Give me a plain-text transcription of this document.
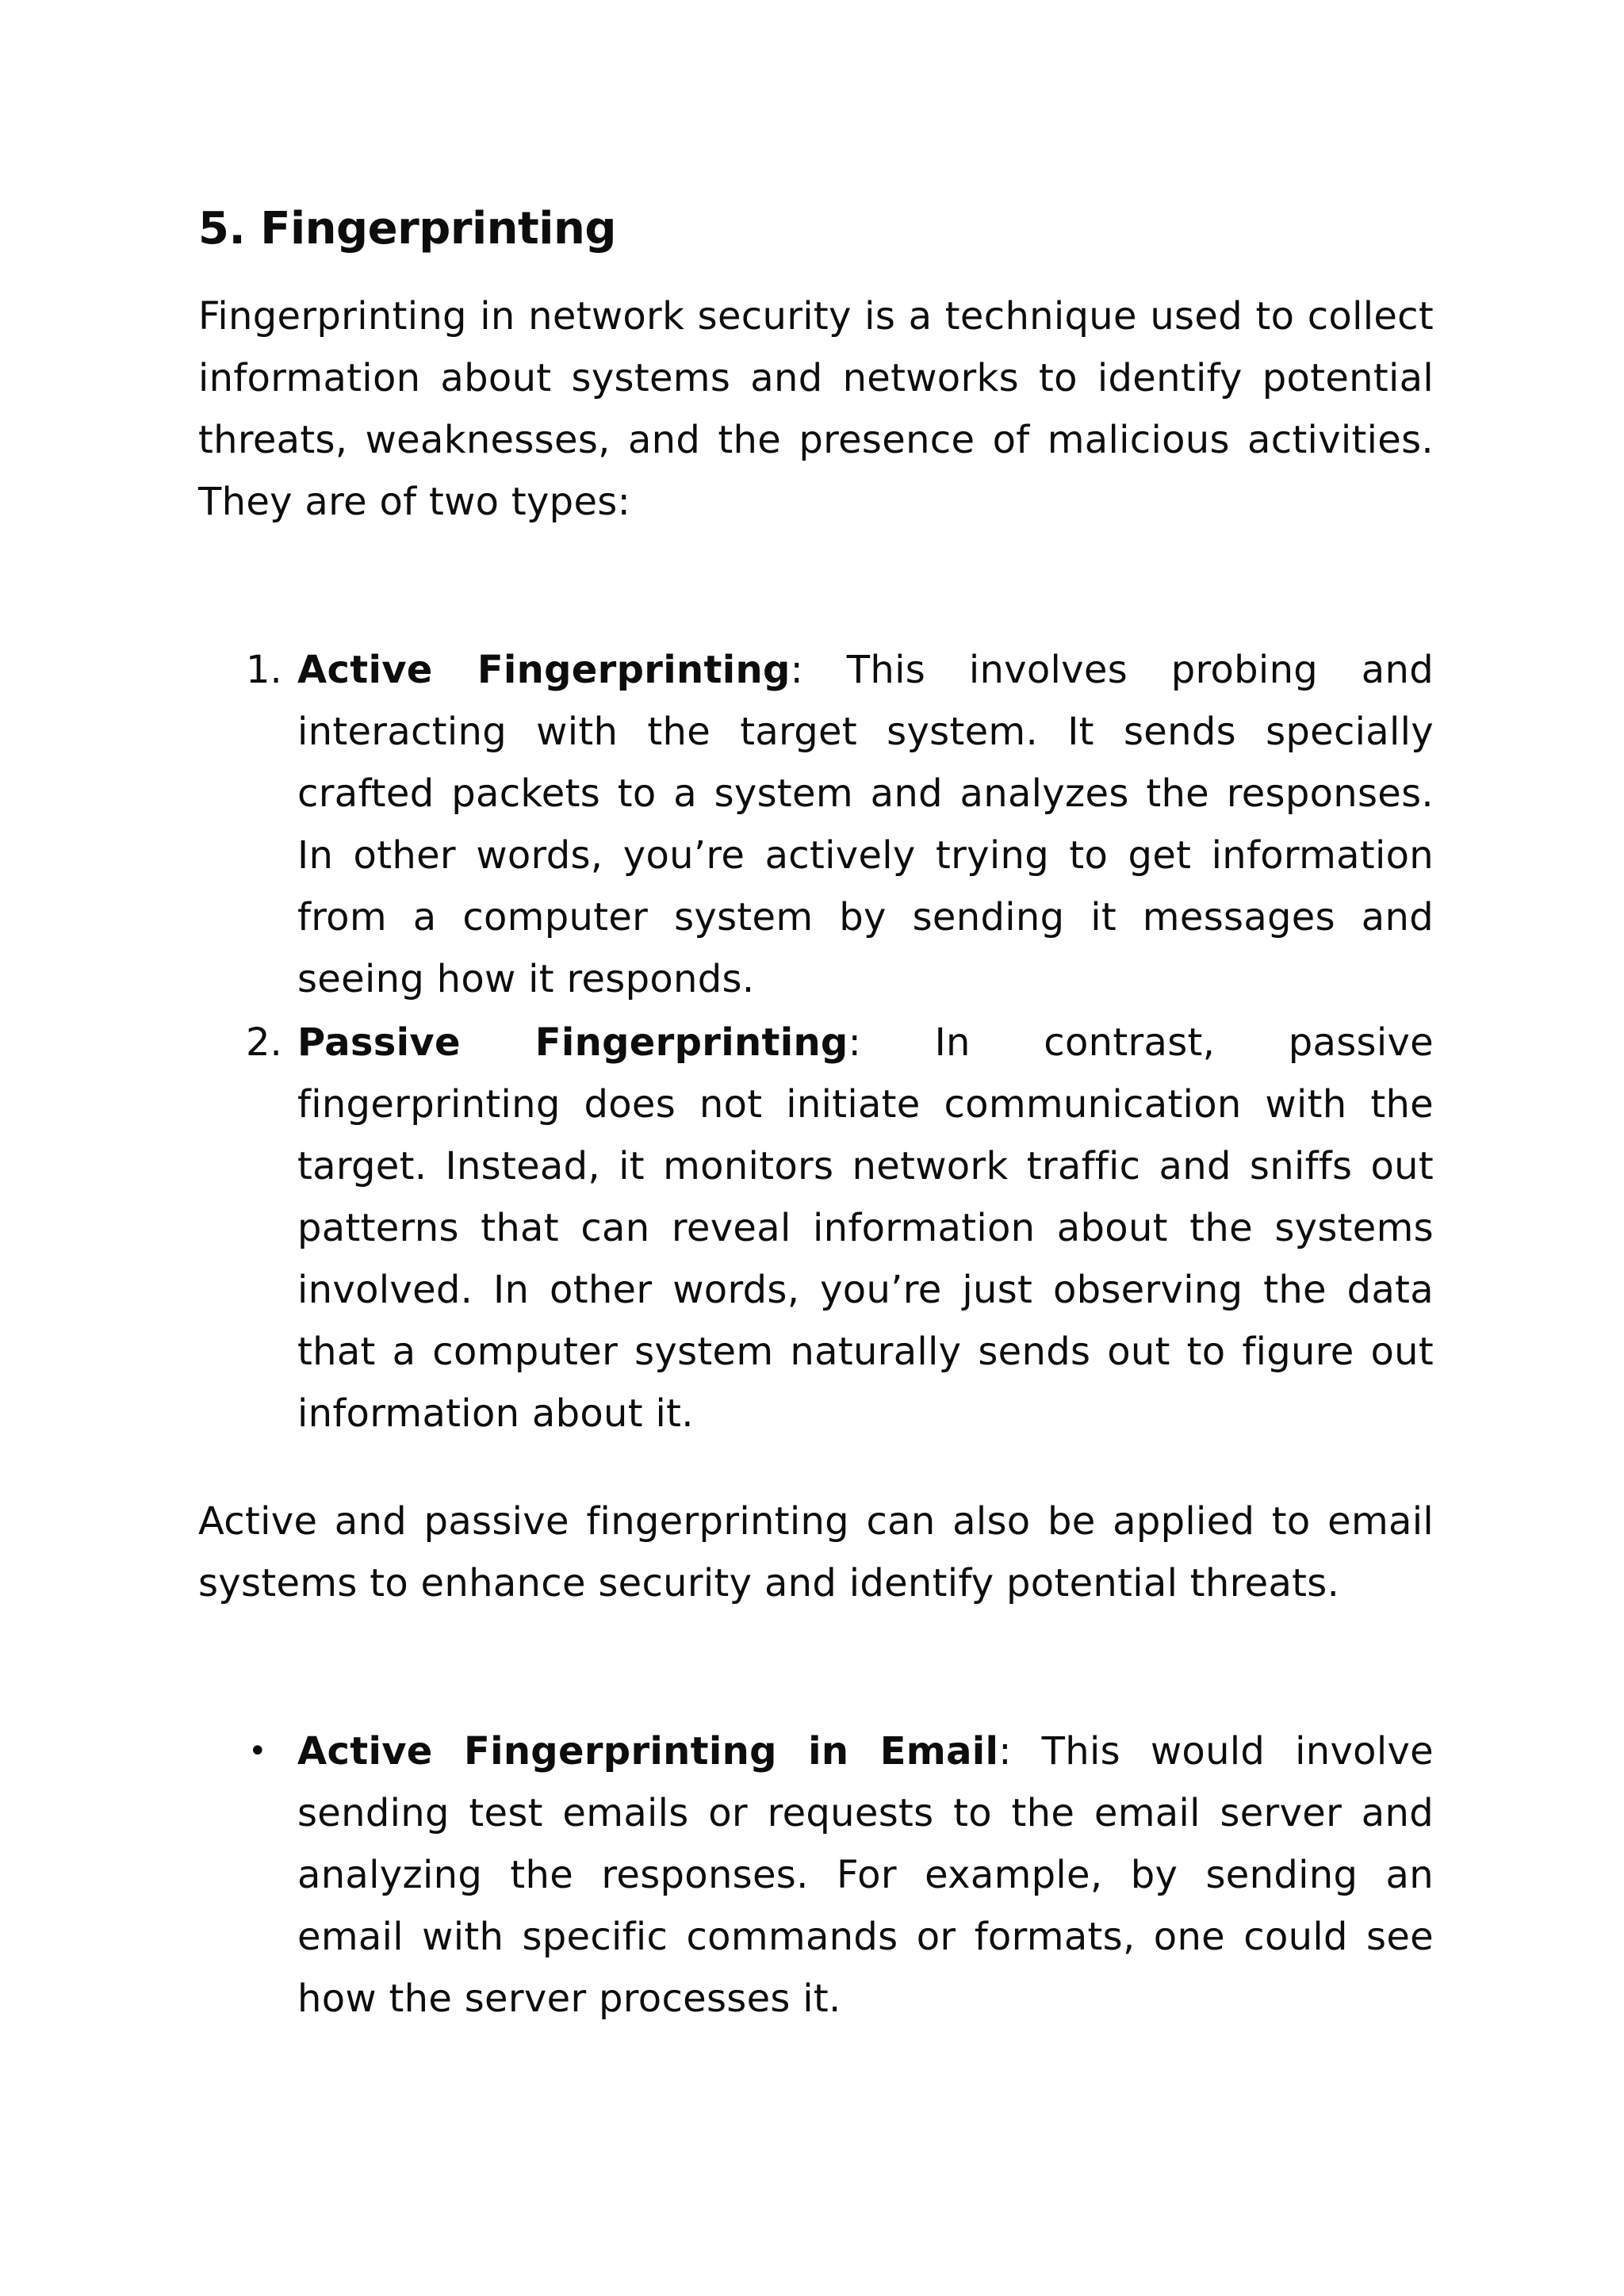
5. Fingerprinting

Fingerprinting in network security is a technique used to collect information about systems and networks to identify potential threats, weaknesses, and the presence of malicious activities. They are of two types:

1. Active Fingerprinting: This involves probing and interacting with the target system. It sends specially crafted packets to a system and analyzes the responses. In other words, you’re actively trying to get information from a computer system by sending it messages and seeing how it responds.

2. Passive Fingerprinting: In contrast, passive fingerprinting does not initiate communication with the target. Instead, it monitors network traffic and sniffs out patterns that can reveal information about the systems involved. In other words, you’re just observing the data that a computer system naturally sends out to figure out information about it.

Active and passive fingerprinting can also be applied to email systems to enhance security and identify potential threats.

• Active Fingerprinting in Email: This would involve sending test emails or requests to the email server and analyzing the responses. For example, by sending an email with specific commands or formats, one could see how the server processes it.
